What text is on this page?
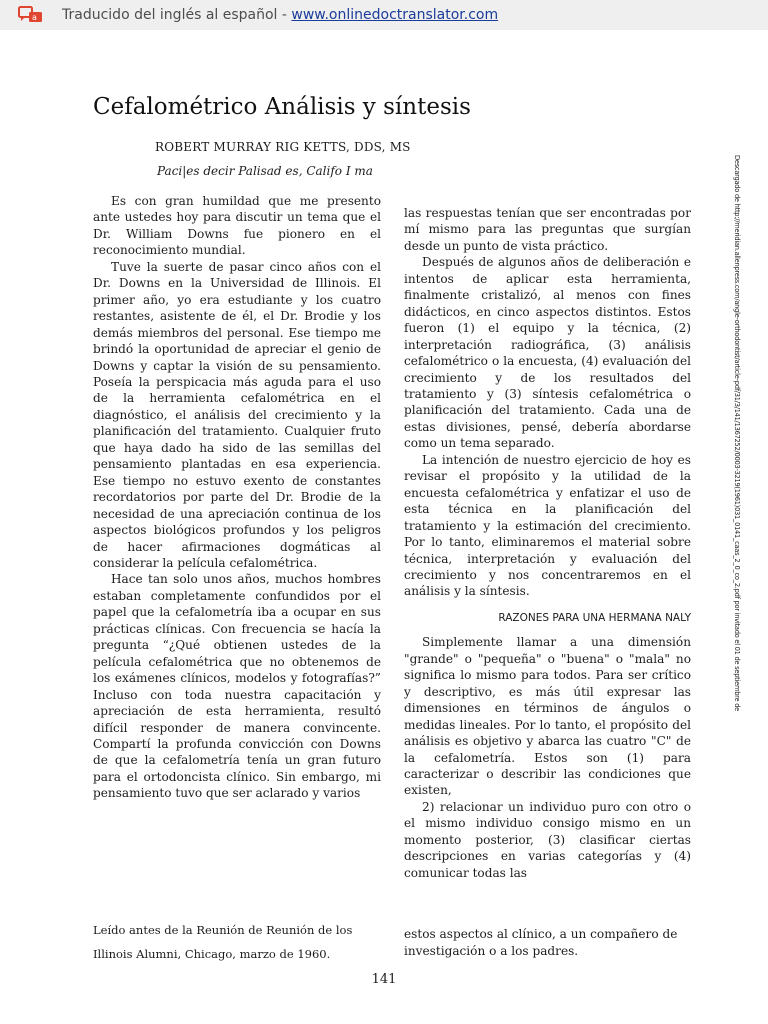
a Traducido del inglés al español - www.onlinedoctranslator.com
Cefalométrico Análisis y síntesis
ROBERT MURRAY RIG KETTS, DDS, MS
Paci|es decir Palisad es, Califo I ma

Es con gran humildad que me presento ante ustedes hoy para discutir un tema que el Dr. William Downs fue pionero en el reconocimiento mundial.

Tuve la suerte de pasar cinco años con el Dr. Downs en la Universidad de Illinois. El primer año, yo era estudiante y los cuatro restantes, asistente de él, el Dr. Brodie y los demás miembros del personal. Ese tiempo me brindó la oportunidad de apreciar el genio de Downs y captar la visión de su pensamiento. Poseía la perspicacia más aguda para el uso de la herramienta cefalométrica en el diagnóstico, el análisis del crecimiento y la planificación del tratamiento. Cualquier fruto que haya dado ha sido de las semillas del pensamiento plantadas en esa experiencia. Ese tiempo no estuvo exento de constantes recordatorios por parte del Dr. Brodie de la necesidad de una apreciación continua de los aspectos biológicos profundos y los peligros de hacer afirmaciones dogmáticas al considerar la película cefalométrica.

Hace tan solo unos años, muchos hombres estaban completamente confundidos por el papel que la cefalometría iba a ocupar en sus prácticas clínicas. Con frecuencia se hacía la pregunta “¿Qué obtienen ustedes de la película cefalométrica que no obtenemos de los exámenes clínicos, modelos y fotografías?” Incluso con toda nuestra capacitación y apreciación de esta herramienta, resultó difícil responder de manera convincente. Compartí la profunda convicción con Downs de que la cefalometría tenía un gran futuro para el ortodoncista clínico. Sin embargo, mi pensamiento tuvo que ser aclarado y varios

Leído antes de la Reunión de Reunión de los Illinois Alumni, Chicago, marzo de 1960.

las respuestas tenían que ser encontradas por mí mismo para las preguntas que surgían desde un punto de vista práctico.

Después de algunos años de deliberación e intentos de aplicar esta herramienta, finalmente cristalizó, al menos con fines didácticos, en cinco aspectos distintos. Estos fueron (1) el equipo y la técnica, (2) interpretación radiográfica, (3) análisis cefalométrico o la encuesta, (4) evaluación del crecimiento y de los resultados del tratamiento y (3) síntesis cefalométrica o planificación del tratamiento. Cada una de estas divisiones, pensé, debería abordarse como un tema separado.

La intención de nuestro ejercicio de hoy es revisar el propósito y la utilidad de la encuesta cefalométrica y enfatizar el uso de esta técnica en la planificación del tratamiento y la estimación del crecimiento. Por lo tanto, eliminaremos el material sobre técnica, interpretación y evaluación del crecimiento y nos concentraremos en el análisis y la síntesis.

RAZONES PARA UNA HERMANA NALY

Simplemente llamar a una dimensión "grande" o "pequeña" o "buena" o "mala" no significa lo mismo para todos. Para ser crítico y descriptivo, es más útil expresar las dimensiones en términos de ángulos o medidas lineales. Por lo tanto, el propósito del análisis es objetivo y abarca las cuatro "C" de la cefalometría. Estos son (1) para caracterizar o describir las condiciones que existen,

2) relacionar un individuo puro con otro o el mismo individuo consigo mismo en un momento posterior, (3) clasificar ciertas descripciones en varias categorías y (4) comunicar todas las

estos aspectos al clínico, a un compañero de investigación o a los padres.
141
Descargado de http://meridian.allenpress.com/angle-orthodontist/article-pdf/31/3/141/1367252/0003-3219(1961)031_0141_caas_2_0_co_2.pdf por invitado el 01 de septiembre de
